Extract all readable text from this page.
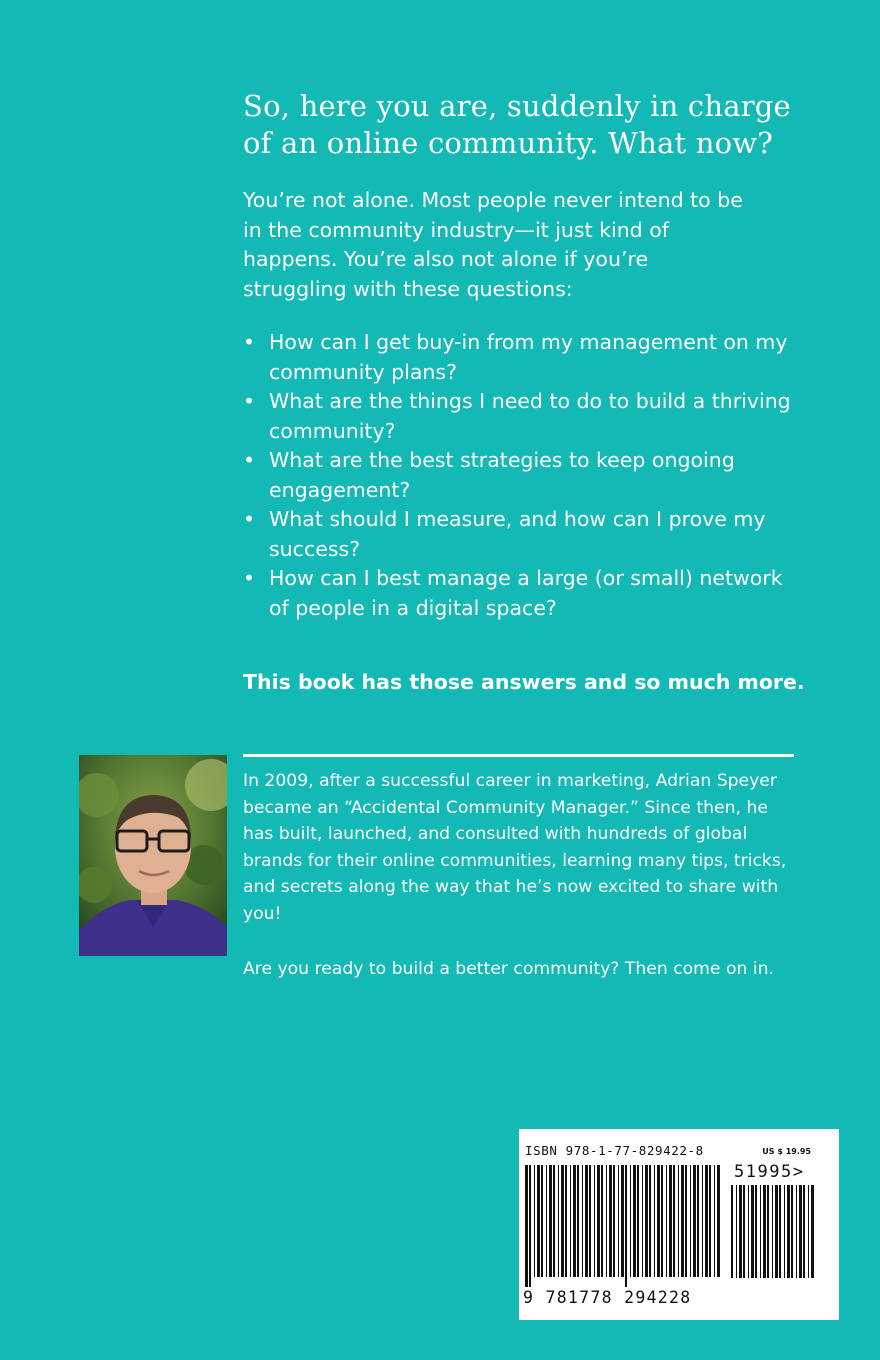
So, here you are, suddenly in charge of an online community. What now?

You’re not alone. Most people never intend to be in the community industry—it just kind of happens. You’re also not alone if you’re struggling with these questions:

• How can I get buy-in from my management on my community plans?
• What are the things I need to do to build a thriving community?
• What are the best strategies to keep ongoing engagement?
• What should I measure, and how can I prove my success?
• How can I best manage a large (or small) network of people in a digital space?

This book has those answers and so much more.

In 2009, after a successful career in marketing, Adrian Speyer became an “Accidental Community Manager.” Since then, he has built, launched, and consulted with hundreds of global brands for their online communities, learning many tips, tricks, and secrets along the way that he’s now excited to share with you!

Are you ready to build a better community? Then come on in.

ISBN 978-1-77-829422-8	US $ 19.95
51995>
9 781778 294228
